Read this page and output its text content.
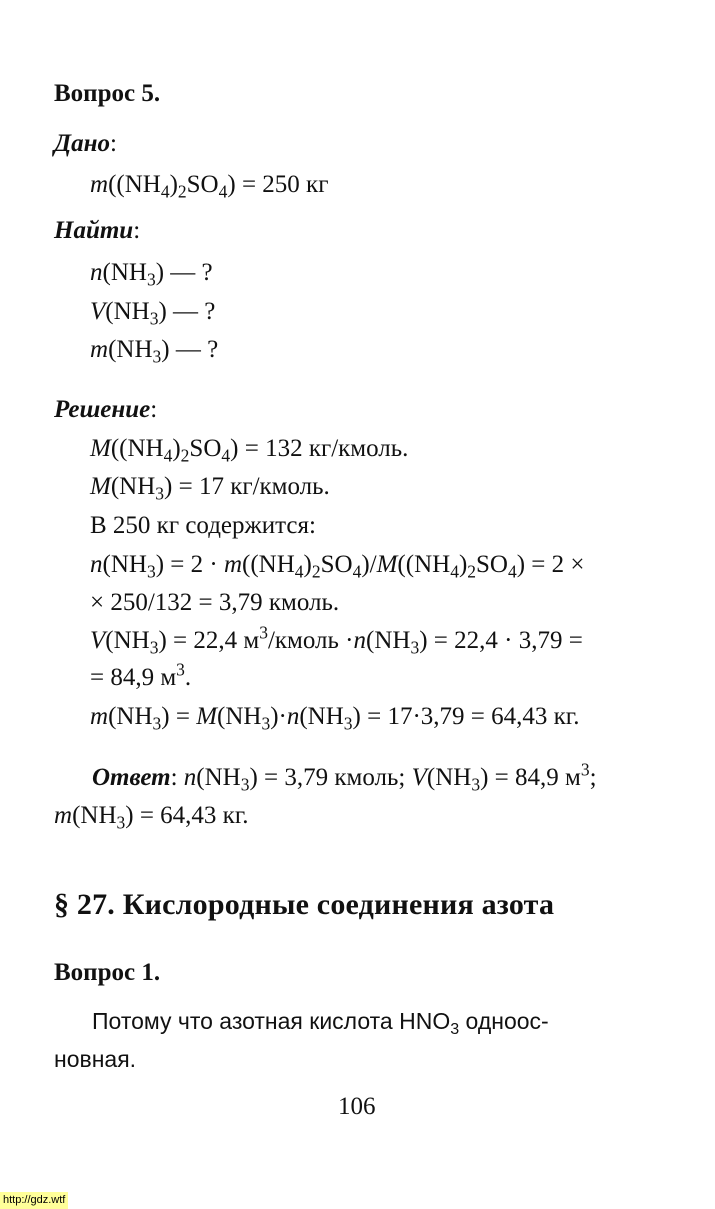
Вопрос 5.
Дано:
$m((NH_4)_2SO_4) = 250$ кг
Найти:
$n(NH_3)$ — ?
$V(NH_3)$ — ?
$m(NH_3)$ — ?
Решение:
$M((NH_4)_2SO_4) = 132$ кг/кмоль.
$M(NH_3) = 17$ кг/кмоль.
В 250 кг содержится:
$n(NH_3) = 2 \cdot m((NH_4)_2SO_4)/M((NH_4)_2SO_4) = 2$ ×
× 250/132 = 3,79 кмоль.
$V(NH_3) = 22,4$ $м^3$/кмоль $\cdot n(NH_3) = 22,4 \cdot 3,79$ =
= 84,9 $м^3$.
$m(NH_3) = M(NH_3)\cdot n(NH_3) = 17\cdot 3,79 = 64,43$ кг.
Ответ: $n(NH_3) = 3,79$ кмоль; $V(NH_3) = 84,9$ $м^3$;
$m(NH_3) = 64,43$ кг.
§ 27. Кислородные соединения азота
Вопрос 1.
Потому что азотная кислота $HNO_3$ одноос-
новная.
106
http://gdz.wtf
